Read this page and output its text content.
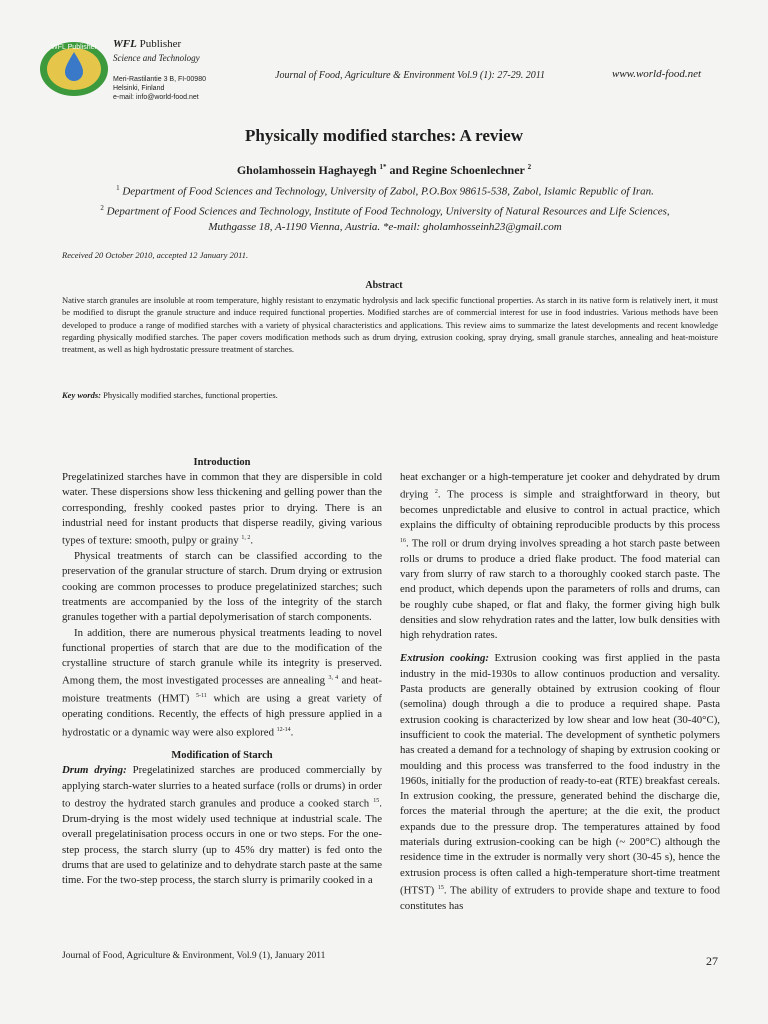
WFL Publisher WFL Publisher
Science and Technology
Meri-Rastilantie 3 B, FI-00980
Helsinki, Finland
e-mail: info@world-food.net
Journal of Food, Agriculture & Environment Vol.9 (1): 27-29. 2011	www.world-food.net
Physically modified starches: A review
Gholamhossein Haghayegh $^{1*}$ and Regine Schoenlechner $^2$
$^1$ Department of Food Sciences and Technology, University of Zabol, P.O.Box 98615-538, Zabol, Islamic Republic of Iran.
$^2$ Department of Food Sciences and Technology, Institute of Food Technology, University of Natural Resources and Life Sciences,
Muthgasse 18, A-1190 Vienna, Austria. *e-mail: gholamhosseinh23@gmail.com
Received 20 October 2010, accepted 12 January 2011.
Abstract
Native starch granules are insoluble at room temperature, highly resistant to enzymatic hydrolysis and lack specific functional properties. As starch in its native form is relatively inert, it must be modified to disrupt the granule structure and induce required functional properties. Modified starches are of commercial interest for use in food industries. Various methods have been developed to produce a range of modified starches with a variety of physical characteristics and applications. This review aims to summarize the latest developments and recent knowledge regarding physically modified starches. The paper covers modification methods such as drum drying, extrusion cooking, spray drying, small granule starches, annealing and heat-moisture treatment, as well as high hydrostatic pressure treatment of starches.
Key words: Physically modified starches, functional properties.
Introduction

Pregelatinized starches have in common that they are dispersible in cold water. These dispersions show less thickening and gelling power than the corresponding, freshly cooked pastes prior to drying. There is an industrial need for instant products that disperse readily, giving various types of texture: smooth, pulpy or grainy $^{1, 2}$.

Physical treatments of starch can be classified according to the preservation of the granular structure of starch. Drum drying or extrusion cooking are common processes to produce pregelatinized starches; such treatments are accompanied by the loss of the integrity of the starch granules together with a partial depolymerisation of starch components.

In addition, there are numerous physical treatments leading to novel functional properties of starch that are due to the modification of the crystalline structure of starch granule while its integrity is preserved. Among them, the most investigated processes are annealing $^{3, 4}$ and heat-moisture treatments (HMT) $^{5-11}$ which are using a great variety of operating conditions. Recently, the effects of high pressure applied in a hydrostatic or a dynamic way were also explored $^{12-14}$.

Modification of Starch

Drum drying: Pregelatinized starches are produced commercially by applying starch-water slurries to a heated surface (rolls or drums) in order to destroy the hydrated starch granules and produce a cooked starch $^{15}$. Drum-drying is the most widely used technique at industrial scale. The overall pregelatinisation process occurs in one or two steps. For the one-step process, the starch slurry (up to 45% dry matter) is fed onto the drums that are used to gelatinize and to dehydrate starch paste at the same time. For the two-step process, the starch slurry is primarily cooked in a

heat exchanger or a high-temperature jet cooker and dehydrated by drum drying $^2$. The process is simple and straightforward in theory, but becomes unpredictable and elusive to control in actual practice, which explains the difficulty of obtaining reproducible products by this process $^{16}$. The roll or drum drying involves spreading a hot starch paste between rolls or drums to produce a dried flake product. The food material can vary from slurry of raw starch to a thoroughly cooked starch paste. The end product, which depends upon the parameters of rolls and drums, can be roughly cube shaped, or flat and flaky, the former giving high bulk densities and slow rehydration rates and the latter, low bulk densities with high rehydration rates.

Extrusion cooking: Extrusion cooking was first applied in the pasta industry in the mid-1930s to allow continuos production and versality. Pasta products are generally obtained by extrusion cooking of flour (semolina) dough through a die to produce a required shape. Pasta extrusion cooking is characterized by low shear and low heat (30-40°C), insufficient to cook the material. The development of synthetic polymers has created a demand for a technology of shaping by extrusion cooking or moulding and this process was transferred to the food industry in the 1960s, initially for the production of ready-to-eat (RTE) breakfast cereals. In extrusion cooking, the pressure, generated behind the discharge die, forces the material through the aperture; at the die exit, the product expands due to the pressure drop. The temperatures attained by food materials during extrusion-cooking can be high (~ 200°C) although the residence time in the extruder is normally very short (30-45 s), hence the extrusion process is often called a high-temperature short-time treatment (HTST) $^{15}$. The ability of extruders to provide shape and texture to food constitutes has

Journal of Food, Agriculture & Environment, Vol.9 (1), January 2011	27
